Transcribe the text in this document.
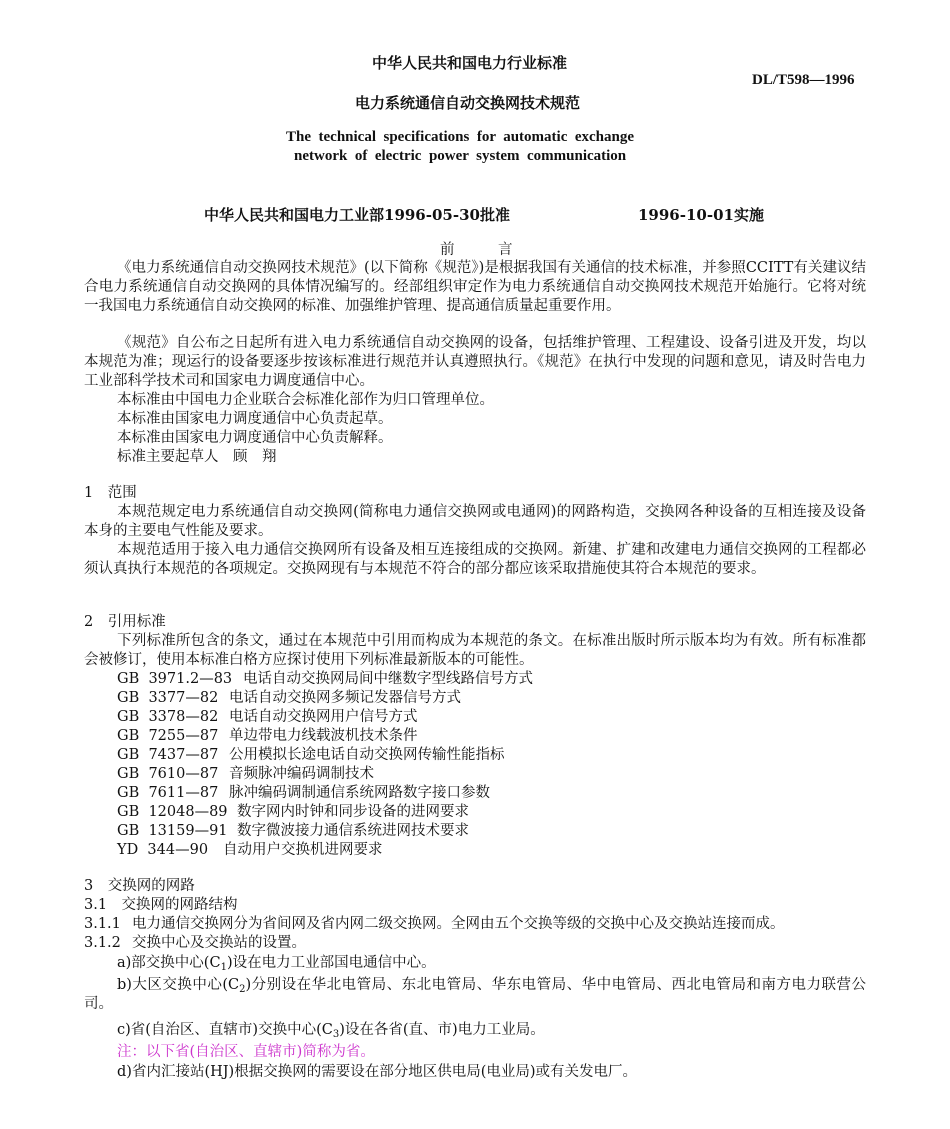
中华人民共和国电力行业标准
DL/T598—1996
电力系统通信自动交换网技术规范
The  technical  specifications  for  automatic  exchange
network  of  electric  power  system  communication
中华人民共和国电力工业部1996-05-30批准	1996-10-01实施
前　　　言
《电力系统通信自动交换网技术规范》(以下简称《规范》)是根据我国有关通信的技术标准，并参照CCITT有关建议结合电力系统通信自动交换网的具体情况编写的。经部组织审定作为电力系统通信自动交换网技术规范开始施行。它将对统一我国电力系统通信自动交换网的标准、加强维护管理、提高通信质量起重要作用。
《规范》自公布之日起所有进入电力系统通信自动交换网的设备，包括维护管理、工程建设、设备引进及开发，均以本规范为准；现运行的设备要逐步按该标准进行规范并认真遵照执行。《规范》在执行中发现的问题和意见，请及时告电力工业部科学技术司和国家电力调度通信中心。
本标准由中国电力企业联合会标准化部作为归口管理单位。
本标准由国家电力调度通信中心负责起草。
本标准由国家电力调度通信中心负责解释。
标准主要起草人　顾　翔
1　范围
本规范规定电力系统通信自动交换网(简称电力通信交换网或电通网)的网路构造，交换网各种设备的互相连接及设备本身的主要电气性能及要求。
本规范适用于接入电力通信交换网所有设备及相互连接组成的交换网。新建、扩建和改建电力通信交换网的工程都必须认真执行本规范的各项规定。交换网现有与本规范不符合的部分都应该采取措施使其符合本规范的要求。
2　引用标准
下列标准所包含的条文，通过在本规范中引用而构成为本规范的条文。在标准出版时所示版本均为有效。所有标准都会被修订，使用本标准白格方应探讨使用下列标准最新版本的可能性。
GB  3971.2—83 电话自动交换网局间中继数字型线路信号方式
GB  3377—82 电话自动交换网多频记发器信号方式
GB  3378—82 电话自动交换网用户信号方式
GB  7255—87 单边带电力线载波机技术条件
GB  7437—87 公用模拟长途电话自动交换网传输性能指标
GB  7610—87 音频脉冲编码调制技术
GB  7611—87 脉冲编码调制通信系统网路数字接口参数
GB  12048—89 数字网内时钟和同步设备的进网要求
GB  13159—91 数字微波接力通信系统进网技术要求
YD  344—90 自动用户交换机进网要求
3　交换网的网路
3.1　交换网的网路结构
3.1.1 电力通信交换网分为省间网及省内网二级交换网。全网由五个交换等级的交换中心及交换站连接而成。
3.1.2 交换中心及交换站的设置。
a)部交换中心$(C_1)$设在电力工业部国电通信中心。
b)大区交换中心$(C_2)$分别设在华北电管局、东北电管局、华东电管局、华中电管局、西北电管局和南方电力联营公司。
c)省(自治区、直辖市)交换中心$(C_3)$设在各省(直、市)电力工业局。
注：以下省(自治区、直辖市)简称为省。
d)省内汇接站(HJ)根据交换网的需要设在部分地区供电局(电业局)或有关发电厂。
